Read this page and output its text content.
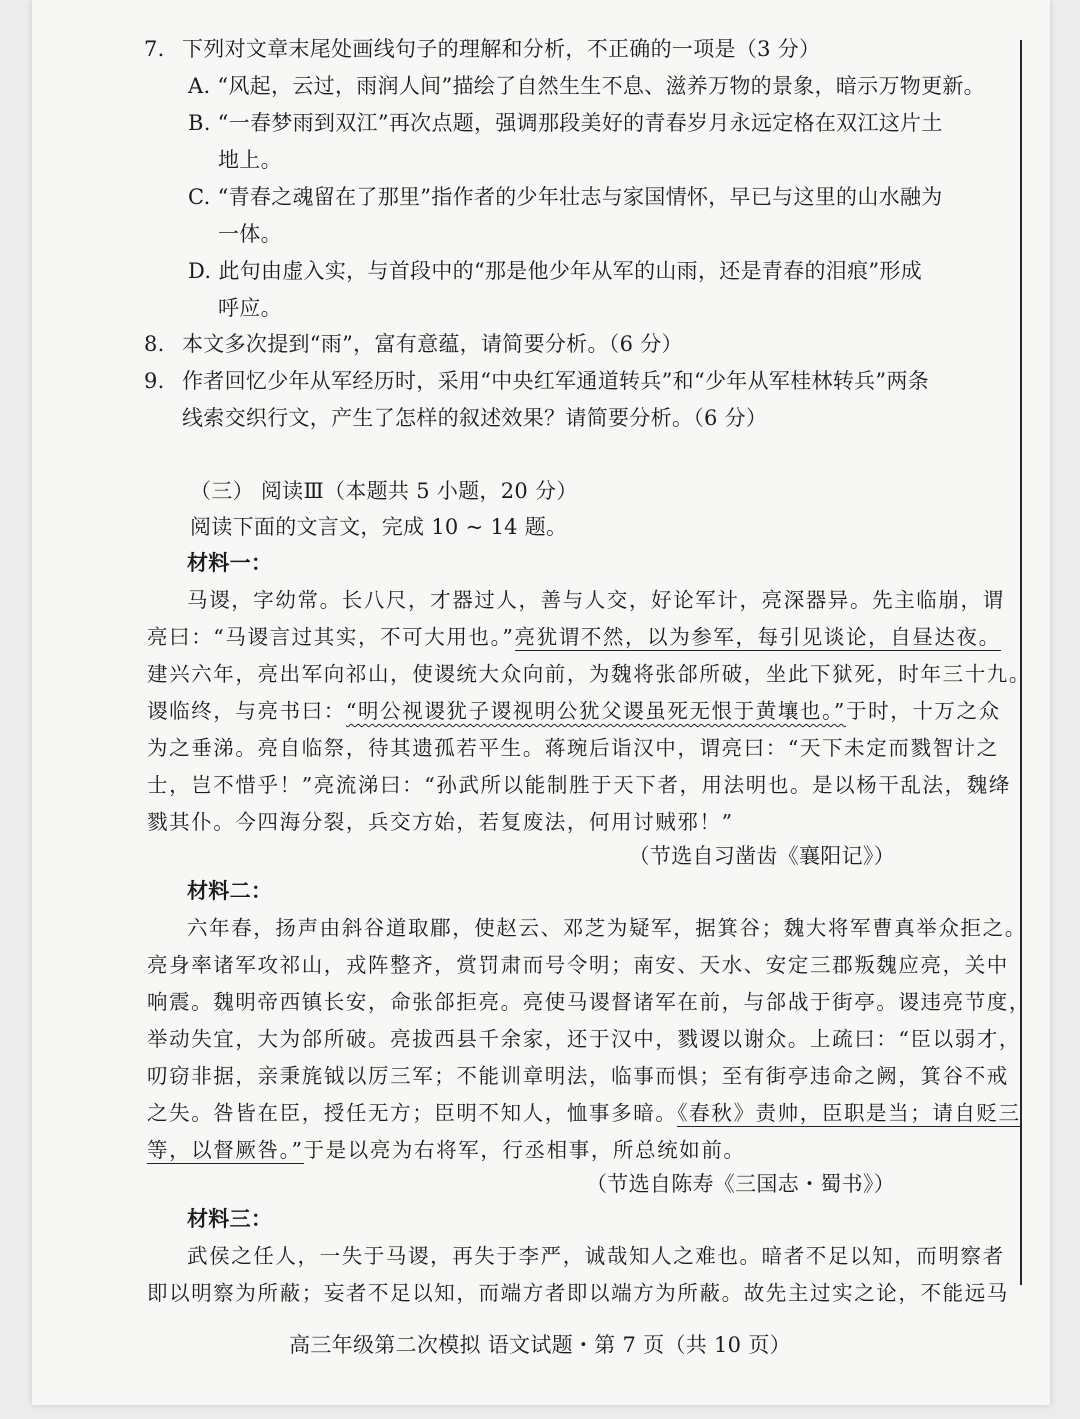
7. 下列对文章末尾处画线句子的理解和分析，不正确的一项是（3 分）
A. “风起，云过，雨润人间”描绘了自然生生不息、滋养万物的景象，暗示万物更新。
B. “一春梦雨到双江”再次点题，强调那段美好的青春岁月永远定格在双江这片土
地上。
C. “青春之魂留在了那里”指作者的少年壮志与家国情怀，早已与这里的山水融为
一体。
D. 此句由虚入实，与首段中的“那是他少年从军的山雨，还是青春的泪痕”形成
呼应。
8. 本文多次提到“雨”，富有意蕴，请简要分析。（6 分）
9. 作者回忆少年从军经历时，采用“中央红军通道转兵”和“少年从军桂林转兵”两条
线索交织行文，产生了怎样的叙述效果？请简要分析。（6 分）
（三） 阅读Ⅲ（本题共 5 小题，20 分）
阅读下面的文言文，完成 10 ~ 14 题。
材料一：
马谡，字幼常。长八尺，才器过人，善与人交，好论军计，亮深器异。先主临崩，谓
亮曰：“马谡言过其实，不可大用也。”亮犹谓不然，以为参军，每引见谈论，自昼达夜。
建兴六年，亮出军向祁山，使谡统大众向前，为魏将张郃所破，坐此下狱死，时年三十九。
谡临终，与亮书曰：“明公视谡犹子谡视明公犹父谡虽死无恨于黄壤也。”于时，十万之众
为之垂涕。亮自临祭，待其遗孤若平生。蒋琬后诣汉中，谓亮曰：“天下未定而戮智计之
士，岂不惜乎！”亮流涕曰：“孙武所以能制胜于天下者，用法明也。是以杨干乱法，魏绛
戮其仆。今四海分裂，兵交方始，若复废法，何用讨贼邪！”
（节选自习凿齿《襄阳记》）
材料二：
六年春，扬声由斜谷道取郿，使赵云、邓芝为疑军，据箕谷；魏大将军曹真举众拒之。
亮身率诸军攻祁山，戎阵整齐，赏罚肃而号令明；南安、天水、安定三郡叛魏应亮，关中
响震。魏明帝西镇长安，命张郃拒亮。亮使马谡督诸军在前，与郃战于街亭。谡违亮节度，
举动失宜，大为郃所破。亮拔西县千余家，还于汉中，戮谡以谢众。上疏曰：“臣以弱才，
叨窃非据，亲秉旄钺以厉三军；不能训章明法，临事而惧；至有街亭违命之阙，箕谷不戒
之失。咎皆在臣，授任无方；臣明不知人，恤事多暗。《春秋》责帅，臣职是当；请自贬三
等，以督厥咎。”于是以亮为右将军，行丞相事，所总统如前。
（节选自陈寿《三国志・蜀书》）
材料三：
武侯之任人，一失于马谡，再失于李严，诚哉知人之难也。暗者不足以知，而明察者
即以明察为所蔽；妄者不足以知，而端方者即以端方为所蔽。故先主过实之论，不能远马
高三年级第二次模拟 语文试题・第 7 页（共 10 页）
